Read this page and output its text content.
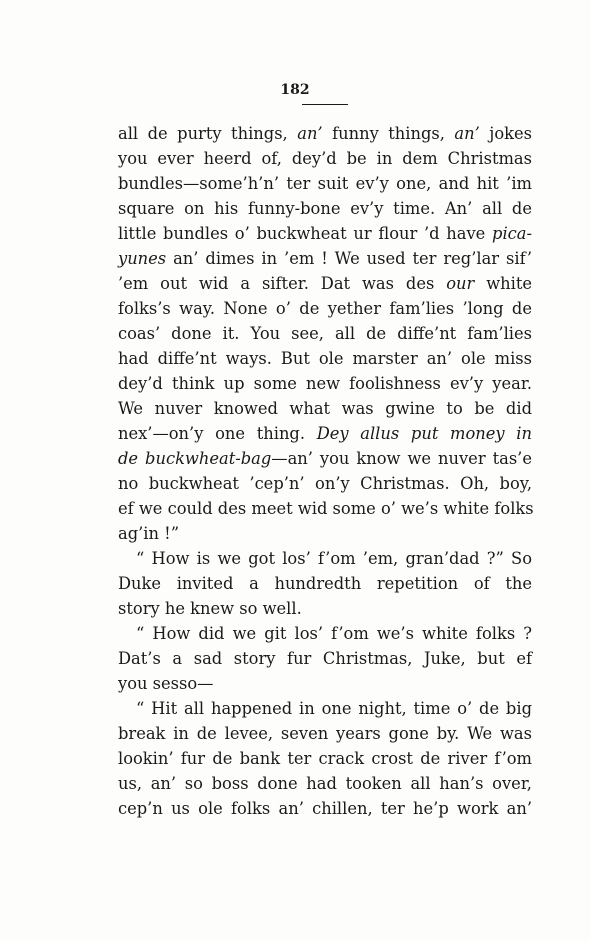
182
all de purty things, an’ funny things, an’ jokes
you ever heerd of, dey’d be in dem Christmas
bundles—some’h’n’ ter suit ev’y one, and hit ’im
square on his funny-bone ev’y time. An’ all de
little bundles o’ buckwheat ur flour ’d have pica-
yunes an’ dimes in ’em ! We used ter reg’lar sif’
’em out wid a sifter. Dat was des our white
folks’s way. None o’ de yether fam’lies ’long de
coas’ done it. You see, all de diffe’nt fam’lies
had diffe’nt ways. But ole marster an’ ole miss
dey’d think up some new foolishness ev’y year.
We nuver knowed what was gwine to be did
nex’—on’y one thing. Dey allus put money in
de buckwheat-bag—an’ you know we nuver tas’e
no buckwheat ’cep’n’ on’y Christmas. Oh, boy,
ef we could des meet wid some o’ we’s white folks
ag’in !”
“ How is we got los’ f’om ’em, gran’dad ?” So
Duke invited a hundredth repetition of the
story he knew so well.
“ How did we git los’ f’om we’s white folks ?
Dat’s a sad story fur Christmas, Juke, but ef
you sesso—
“ Hit all happened in one night, time o’ de big
break in de levee, seven years gone by. We was
lookin’ fur de bank ter crack crost de river f’om
us, an’ so boss done had tooken all han’s over,
cep’n us ole folks an’ chillen, ter he’p work an’
